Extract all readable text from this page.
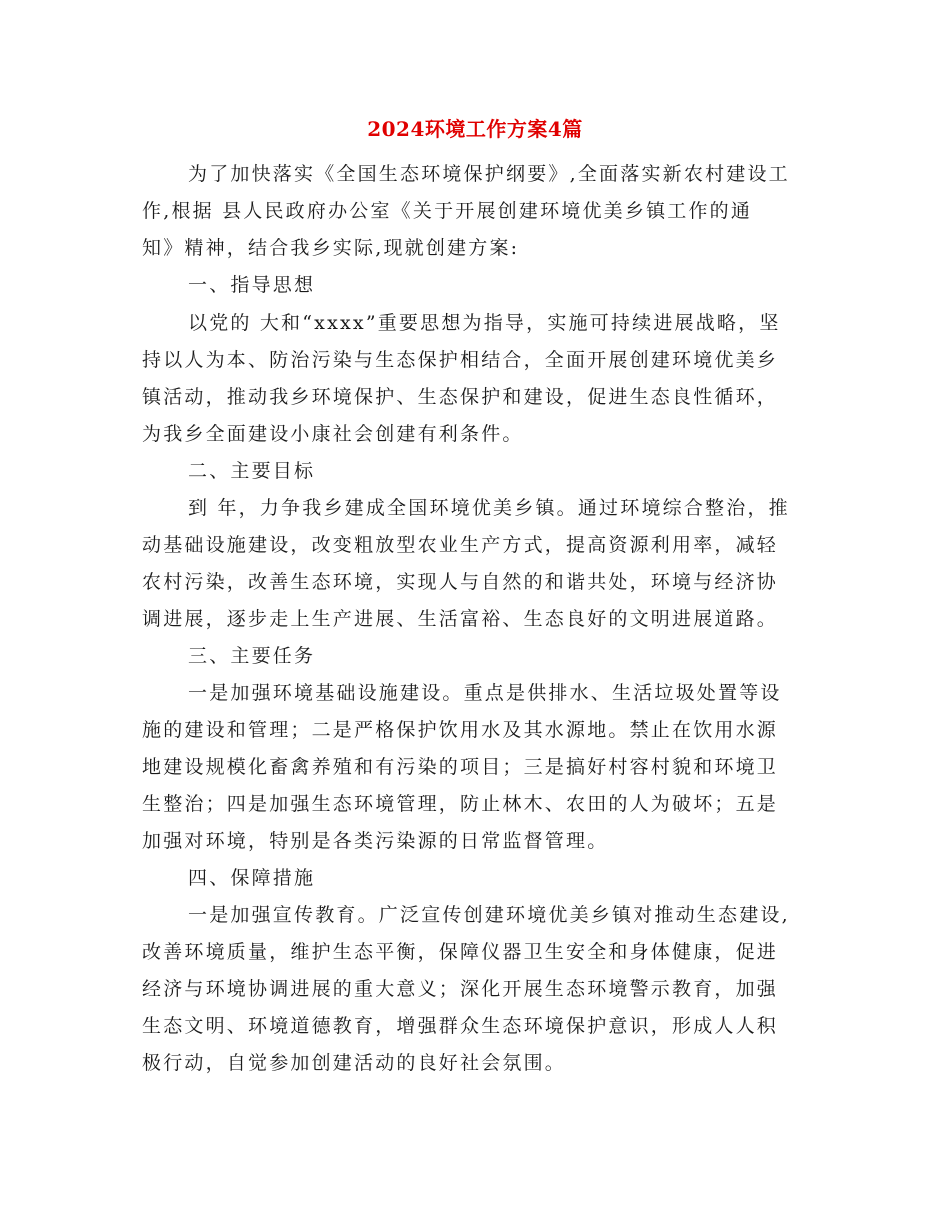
2024环境工作方案4篇
为了加快落实《全国生态环境保护纲要》,全面落实新农村建设工
作,根据 县人民政府办公室《关于开展创建环境优美乡镇工作的通
知》精神，结合我乡实际,现就创建方案:
一、指导思想
以党的 大和“xxxx”重要思想为指导，实施可持续进展战略，坚
持以人为本、防治污染与生态保护相结合，全面开展创建环境优美乡
镇活动，推动我乡环境保护、生态保护和建设，促进生态良性循环，
为我乡全面建设小康社会创建有利条件。
二、主要目标
到 年，力争我乡建成全国环境优美乡镇。通过环境综合整治，推
动基础设施建设，改变粗放型农业生产方式，提高资源利用率，减轻
农村污染，改善生态环境，实现人与自然的和谐共处，环境与经济协
调进展，逐步走上生产进展、生活富裕、生态良好的文明进展道路。
三、主要任务
一是加强环境基础设施建设。重点是供排水、生活垃圾处置等设
施的建设和管理；二是严格保护饮用水及其水源地。禁止在饮用水源
地建设规模化畜禽养殖和有污染的项目；三是搞好村容村貌和环境卫
生整治；四是加强生态环境管理，防止林木、农田的人为破坏；五是
加强对环境，特别是各类污染源的日常监督管理。
四、保障措施
一是加强宣传教育。广泛宣传创建环境优美乡镇对推动生态建设,
改善环境质量，维护生态平衡，保障仪器卫生安全和身体健康，促进
经济与环境协调进展的重大意义；深化开展生态环境警示教育，加强
生态文明、环境道德教育，增强群众生态环境保护意识，形成人人积
极行动，自觉参加创建活动的良好社会氛围。
